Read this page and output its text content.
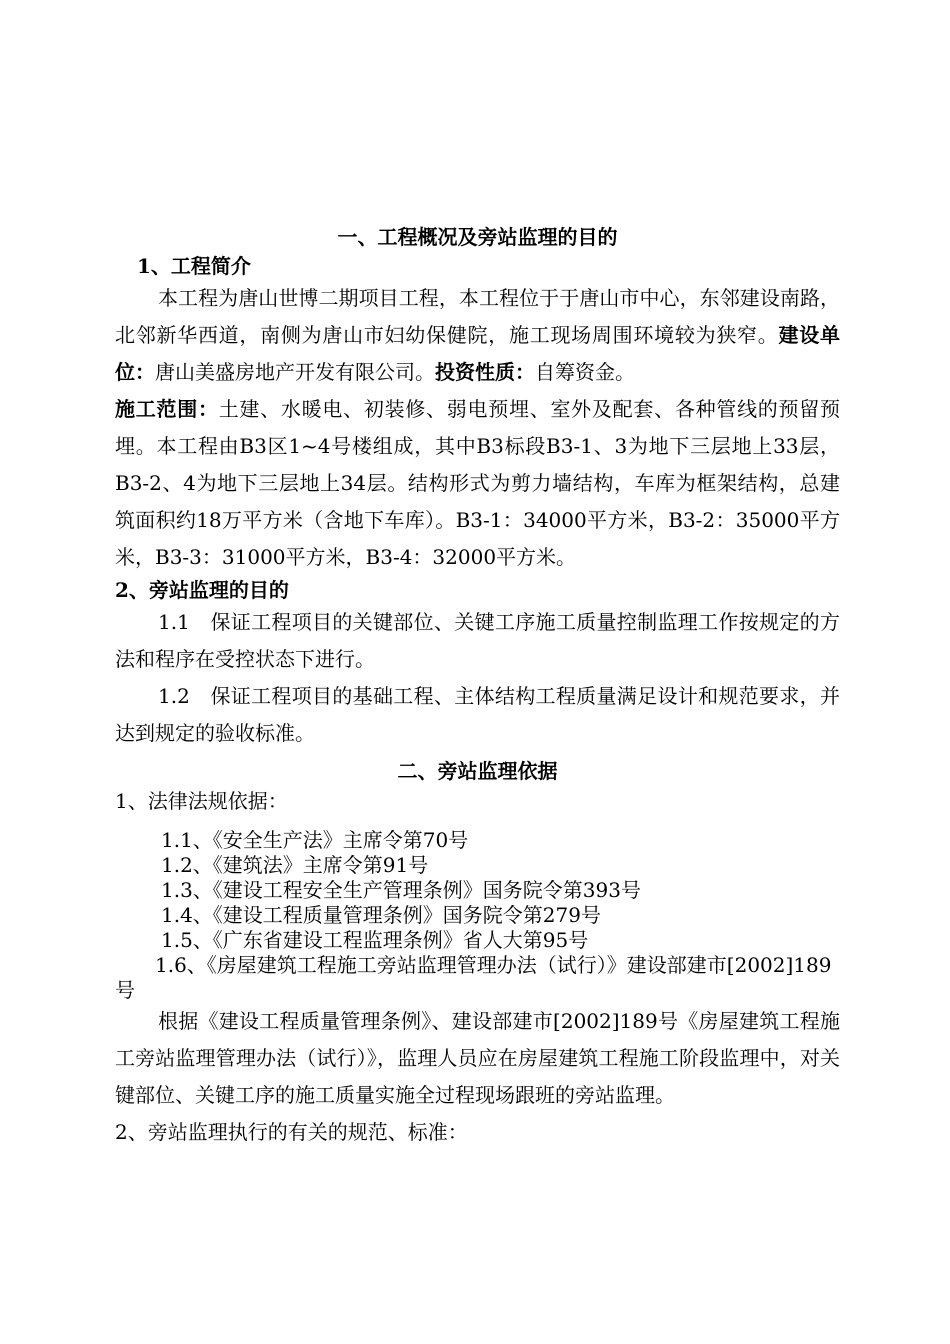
一、工程概况及旁站监理的目的
1、工程简介

本工程为唐山世博二期项目工程，本工程位于于唐山市中心，东邻建设南路，北邻新华西道，南侧为唐山市妇幼保健院，施工现场周围环境较为狭窄。建设单位：唐山美盛房地产开发有限公司。投资性质：自筹资金。

施工范围：土建、水暖电、初装修、弱电预埋、室外及配套、各种管线的预留预埋。本工程由B3区1~4号楼组成，其中B3标段B3-1、3为地下三层地上33层，B3-2、4为地下三层地上34层。结构形式为剪力墙结构，车库为框架结构，总建筑面积约18万平方米（含地下车库）。B3-1：34000平方米，B3-2：35000平方米，B3-3：31000平方米，B3-4：32000平方米。

2、旁站监理的目的

1.1　保证工程项目的关键部位、关键工序施工质量控制监理工作按规定的方法和程序在受控状态下进行。

1.2　保证工程项目的基础工程、主体结构工程质量满足设计和规范要求，并达到规定的验收标准。

二、旁站监理依据

1、法律法规依据：

1.1、《安全生产法》主席令第70号
1.2、《建筑法》主席令第91号
1.3、《建设工程安全生产管理条例》国务院令第393号
1.4、《建设工程质量管理条例》国务院令第279号
1.5、《广东省建设工程监理条例》省人大第95号
1.6、《房屋建筑工程施工旁站监理管理办法（试行）》建设部建市[2002]189号

根据《建设工程质量管理条例》、建设部建市[2002]189号《房屋建筑工程施工旁站监理管理办法（试行）》，监理人员应在房屋建筑工程施工阶段监理中，对关键部位、关键工序的施工质量实施全过程现场跟班的旁站监理。

2、旁站监理执行的有关的规范、标准：
